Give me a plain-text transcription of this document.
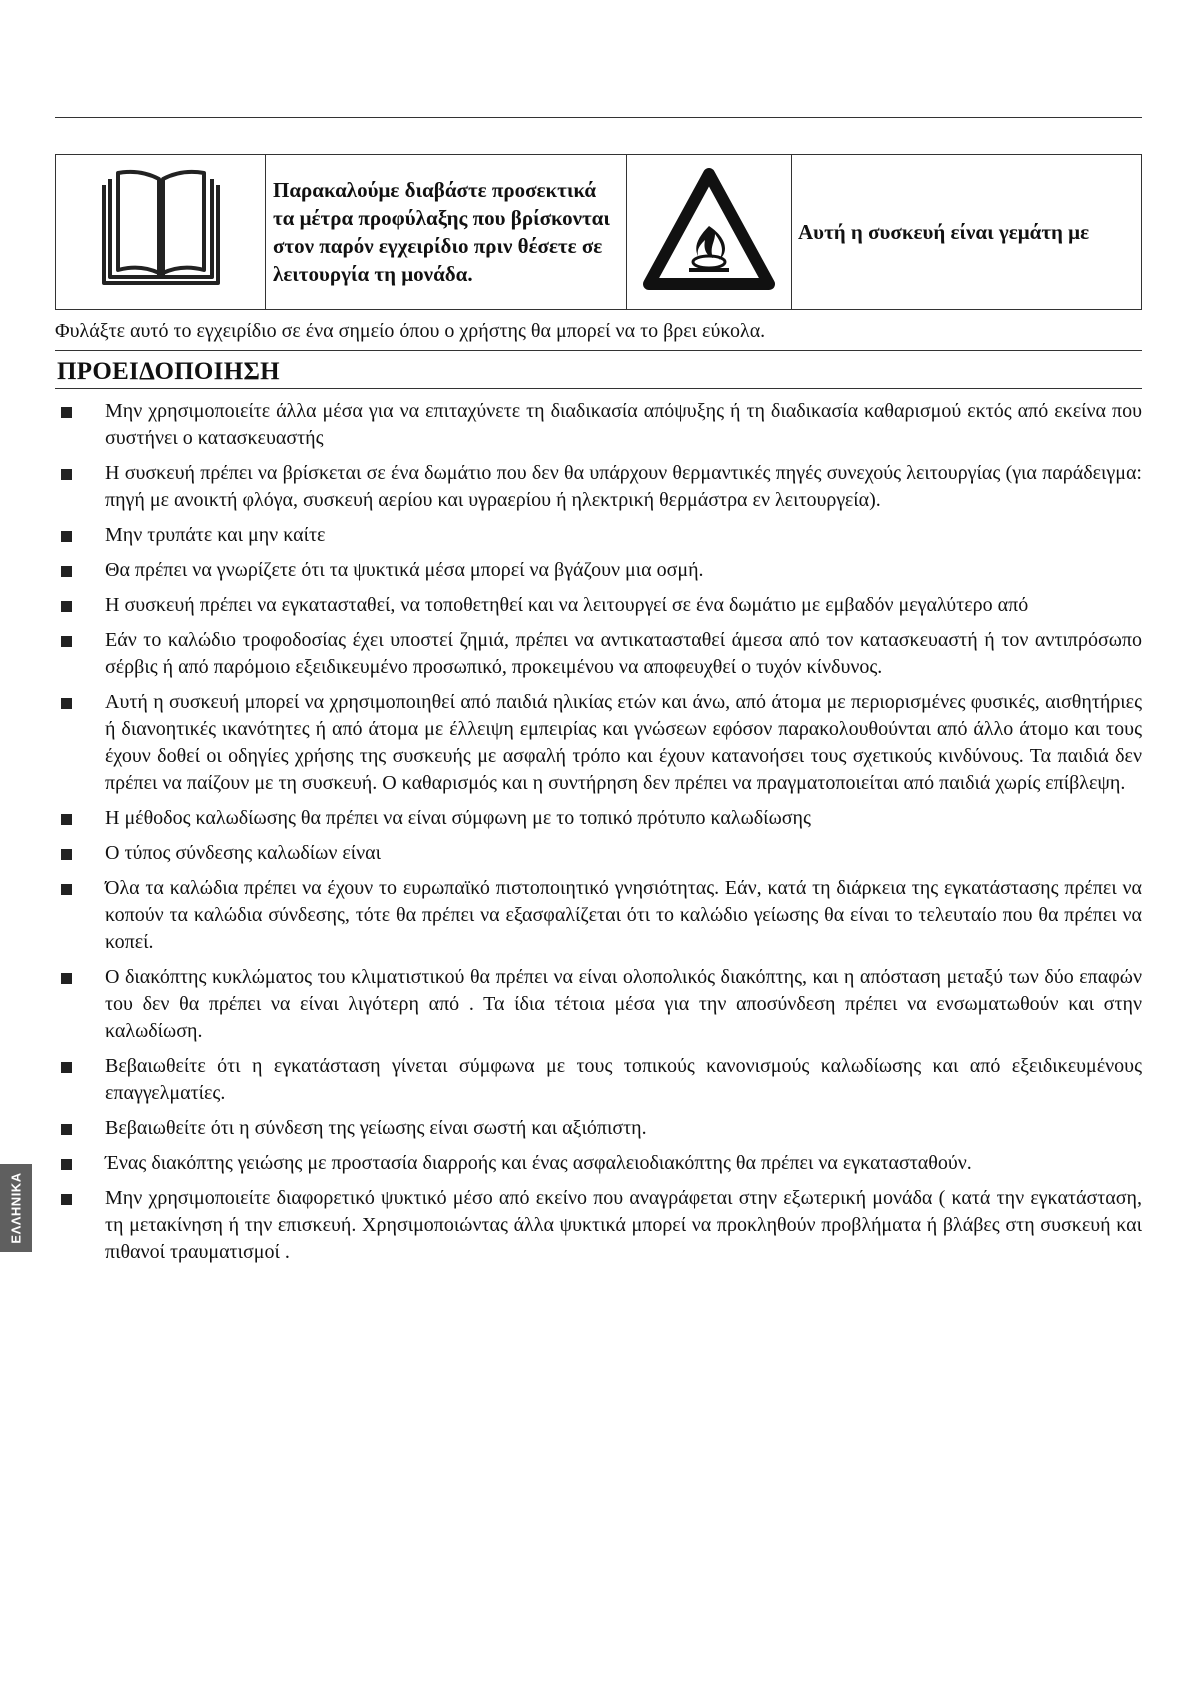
Παρακαλούμε διαβάστε προσεκτικά τα μέτρα προφύλαξης που βρίσκονται στον παρόν εγχειρίδιο πριν θέσετε σε λειτουργία τη μονάδα.

Αυτή η συσκευή είναι γεμάτη με
Φυλάξτε αυτό το εγχειρίδιο σε ένα σημείο όπου ο χρήστης θα μπορεί να το βρει εύκολα.
ΠΡΟΕΙΔΟΠΟΙΗΣΗ
Μην χρησιμοποιείτε άλλα μέσα για να επιταχύνετε τη διαδικασία απόψυξης ή τη διαδικασία καθαρισμού εκτός από εκείνα που συστήνει ο κατασκευαστής
Η συσκευή πρέπει να βρίσκεται σε ένα δωμάτιο που δεν θα υπάρχουν θερμαντικές πηγές συνεχούς λειτουργίας (για παράδειγμα: πηγή με ανοικτή φλόγα, συσκευή αερίου και υγραερίου ή ηλεκτρική θερμάστρα εν λειτουργεία).
Μην τρυπάτε και μην καίτε
Θα πρέπει να γνωρίζετε ότι τα ψυκτικά μέσα μπορεί να βγάζουν μια οσμή.
Η συσκευή πρέπει να εγκατασταθεί, να τοποθετηθεί και να λειτουργεί σε ένα δωμάτιο με εμβαδόν μεγαλύτερο από
Εάν το καλώδιο τροφοδοσίας έχει υποστεί ζημιά, πρέπει να αντικατασταθεί άμεσα από τον κατασκευαστή ή τον αντιπρόσωπο σέρβις ή από παρόμοιο εξειδικευμένο προσωπικό, προκειμένου να αποφευχθεί ο τυχόν κίνδυνος.
Αυτή η συσκευή μπορεί να χρησιμοποιηθεί από παιδιά ηλικίας ετών και άνω, από άτομα με περιορισμένες φυσικές, αισθητήριες ή διανοητικές ικανότητες ή από άτομα με έλλειψη εμπειρίας και γνώσεων εφόσον παρακολουθούνται από άλλο άτομο και τους έχουν δοθεί οι οδηγίες χρήσης της συσκευής με ασφαλή τρόπο και έχουν κατανοήσει τους σχετικούς κινδύνους. Τα παιδιά δεν πρέπει να παίζουν με τη συσκευή. Ο καθαρισμός και η συντήρηση δεν πρέπει να πραγματοποιείται από παιδιά χωρίς επίβλεψη.
Η μέθοδος καλωδίωσης θα πρέπει να είναι σύμφωνη με το τοπικό πρότυπο καλωδίωσης
Ο τύπος σύνδεσης καλωδίων είναι
Όλα τα καλώδια πρέπει να έχουν το ευρωπαϊκό πιστοποιητικό γνησιότητας. Εάν, κατά τη διάρκεια της εγκατάστασης πρέπει να κοπούν τα καλώδια σύνδεσης, τότε θα πρέπει να εξασφαλίζεται ότι το καλώδιο γείωσης θα είναι το τελευταίο που θα πρέπει να κοπεί.
Ο διακόπτης κυκλώματος του κλιματιστικού θα πρέπει να είναι ολοπολικός διακόπτης, και η απόσταση μεταξύ των δύο επαφών του δεν θα πρέπει να είναι λιγότερη από . Τα ίδια τέτοια μέσα για την αποσύνδεση πρέπει να ενσωματωθούν και στην καλωδίωση.
Βεβαιωθείτε ότι η εγκατάσταση γίνεται σύμφωνα με τους τοπικούς κανονισμούς καλωδίωσης και από εξειδικευμένους επαγγελματίες.
Βεβαιωθείτε ότι η σύνδεση της γείωσης είναι σωστή και αξιόπιστη.
Ένας διακόπτης γειώσης με προστασία διαρροής και ένας ασφαλειοδιακόπτης θα πρέπει να εγκατασταθούν.
Μην χρησιμοποιείτε διαφορετικό ψυκτικό μέσο από εκείνο που αναγράφεται στην εξωτερική μονάδα ( κατά την εγκατάσταση, τη μετακίνηση ή την επισκευή. Χρησιμοποιώντας άλλα ψυκτικά μπορεί να προκληθούν προβλήματα ή βλάβες στη συσκευή και πιθανοί τραυματισμοί .
ΕΛΛΗΝΙΚΑ
